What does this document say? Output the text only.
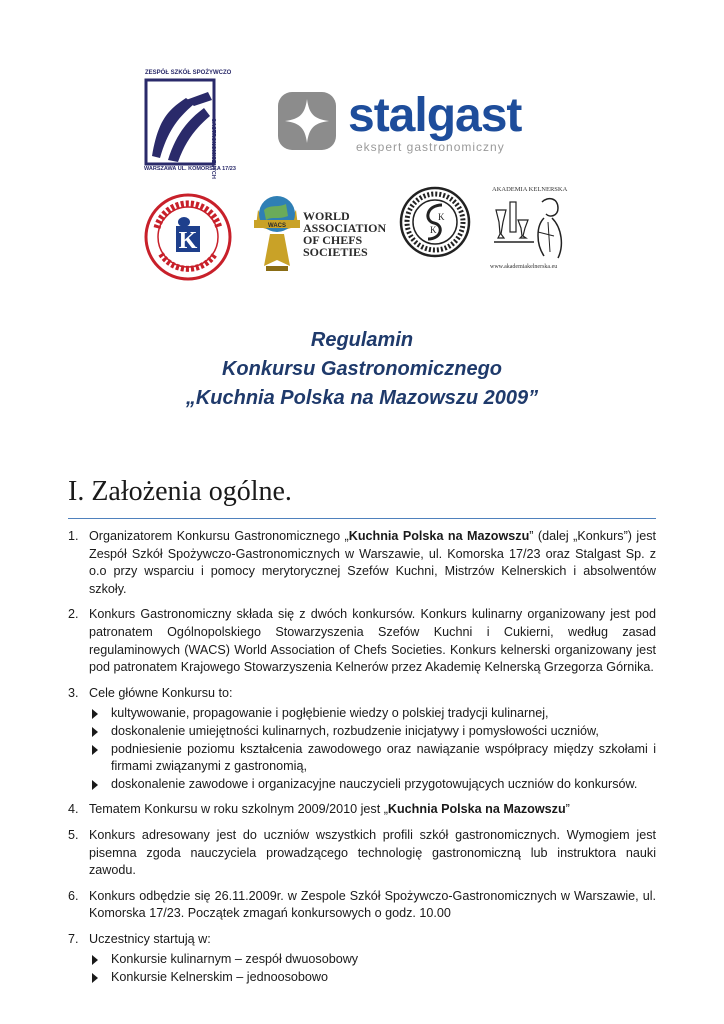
ZESPÓŁ SZKÓŁ SPOŻYWCZO
GASTRONOMICZNYCH
WARSZAWA UL. KOMORSKA 17/23
stalgast
ekspert gastronomiczny
K
WACS
WORLD
ASSOCIATION
OF CHEFS
SOCIETIES
K
K
AKADEMIA KELNERSKA
www.akademiakelnerska.eu
Regulamin
Konkursu Gastronomicznego
„Kuchnia Polska na Mazowszu 2009”
I. Założenia ogólne.
1. Organizatorem Konkursu Gastronomicznego „Kuchnia Polska na Mazowszu” (dalej „Konkurs”) jest Zespół Szkół Spożywczo-Gastronomicznych w Warszawie, ul. Komorska 17/23 oraz Stalgast Sp. z o.o przy wsparciu i pomocy merytorycznej Szefów Kuchni, Mistrzów Kelnerskich i absolwentów szkoły.
2. Konkurs Gastronomiczny składa się z dwóch konkursów. Konkurs kulinarny organizowany jest pod patronatem Ogólnopolskiego Stowarzyszenia Szefów Kuchni i Cukierni, według zasad regulaminowych (WACS) World Association of Chefs Societies. Konkurs kelnerski organizowany jest pod patronatem Krajowego Stowarzyszenia Kelnerów przez Akademię Kelnerską Grzegorza Górnika.
3. Cele główne Konkursu to:
kultywowanie, propagowanie i pogłębienie wiedzy o polskiej tradycji kulinarnej,
doskonalenie umiejętności kulinarnych, rozbudzenie inicjatywy i pomysłowości uczniów,
podniesienie poziomu kształcenia zawodowego oraz nawiązanie współpracy między szkołami i firmami związanymi z gastronomią,
doskonalenie zawodowe i organizacyjne nauczycieli przygotowujących uczniów do konkursów.
4. Tematem Konkursu w roku szkolnym 2009/2010 jest „Kuchnia Polska na Mazowszu”
5. Konkurs adresowany jest do uczniów wszystkich profili szkół gastronomicznych. Wymogiem jest pisemna zgoda nauczyciela prowadzącego technologię gastronomiczną lub instruktora nauki zawodu.
6. Konkurs odbędzie się 26.11.2009r. w Zespole Szkół Spożywczo-Gastronomicznych w Warszawie, ul. Komorska 17/23. Początek zmagań konkursowych o godz. 10.00
7. Uczestnicy startują w:
Konkursie kulinarnym – zespół dwuosobowy
Konkursie Kelnerskim – jednoosobowo
